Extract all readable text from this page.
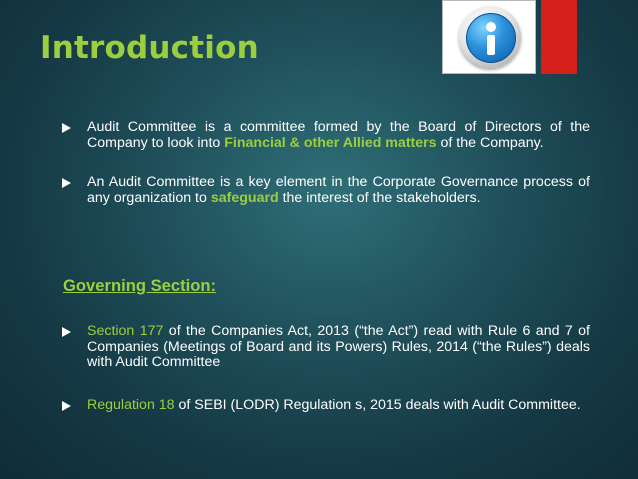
Introduction
Audit Committee is a committee formed by the Board of Directors of the Company to look into Financial & other Allied matters of the Company.
An Audit Committee is a key element in the Corporate Governance process of any organization to safeguard the interest of the stakeholders.
Governing Section:
Section 177 of the Companies Act, 2013 (“the Act”) read with Rule 6 and 7 of Companies (Meetings of Board and its Powers) Rules, 2014 (“the Rules”) deals with Audit Committee
Regulation 18 of SEBI (LODR) Regulation s, 2015 deals with Audit Committee.
